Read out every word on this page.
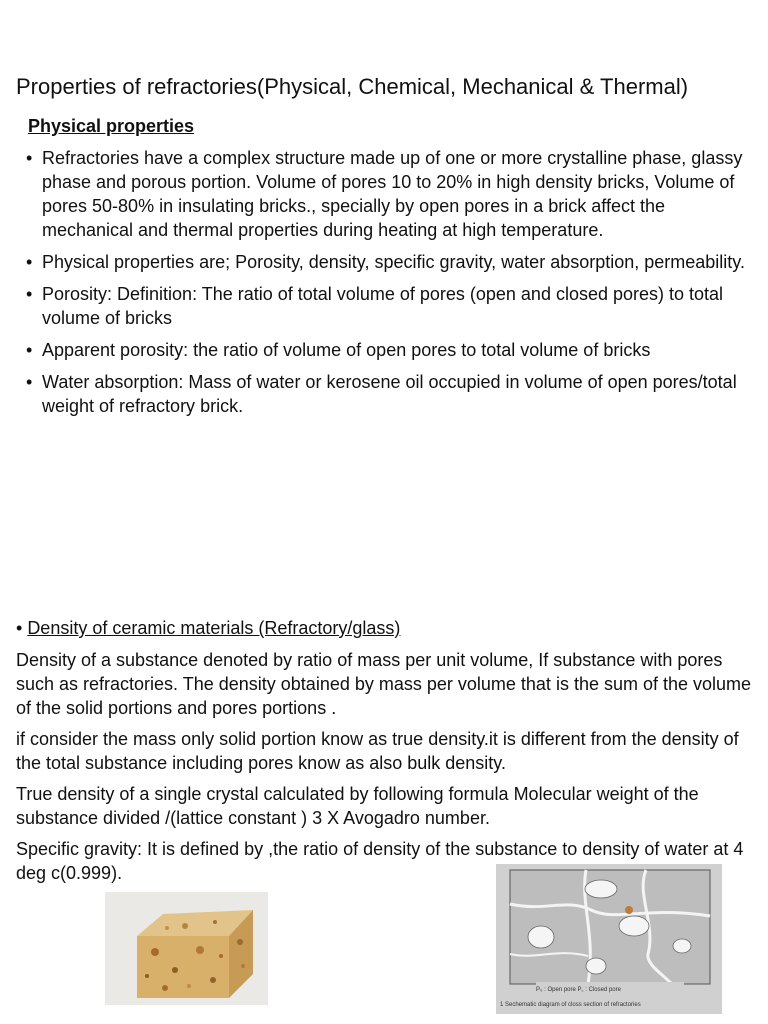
Properties of refractories(Physical, Chemical, Mechanical & Thermal)
Physical properties
• Refractories have a complex structure made up of one or more crystalline phase, glassy phase and porous portion. Volume of pores 10 to 20% in high density bricks, Volume of pores 50-80% in insulating bricks., specially by open pores in a brick affect the mechanical and thermal properties during heating at high temperature.
• Physical properties are; Porosity, density, specific gravity, water absorption, permeability.
• Porosity: Definition: The ratio of total volume of pores (open and closed pores) to total volume of bricks
• Apparent porosity: the ratio of volume of open pores to total volume of bricks
• Water absorption: Mass of water or kerosene oil occupied in volume of open pores/total weight of refractory brick.
• Density of ceramic materials (Refractory/glass)

Density of a substance denoted by ratio of mass per unit volume, If substance with pores such as refractories. The density obtained by mass per volume that is the sum of the volume of the solid portions and pores portions .

if consider the mass only solid portion know as true density.it is different from the density of the total substance including pores know as also bulk density.

True density of a single crystal calculated by following formula Molecular weight of the substance divided /(lattice constant ) 3 X Avogadro number.

Specific gravity: It is defined by ,the ratio of density of the substance to density of water at 4 deg c(0.999).

P₀ : Open pore P꜀ : Closed pore
1 Sechematic diagram of closs section of refractories
